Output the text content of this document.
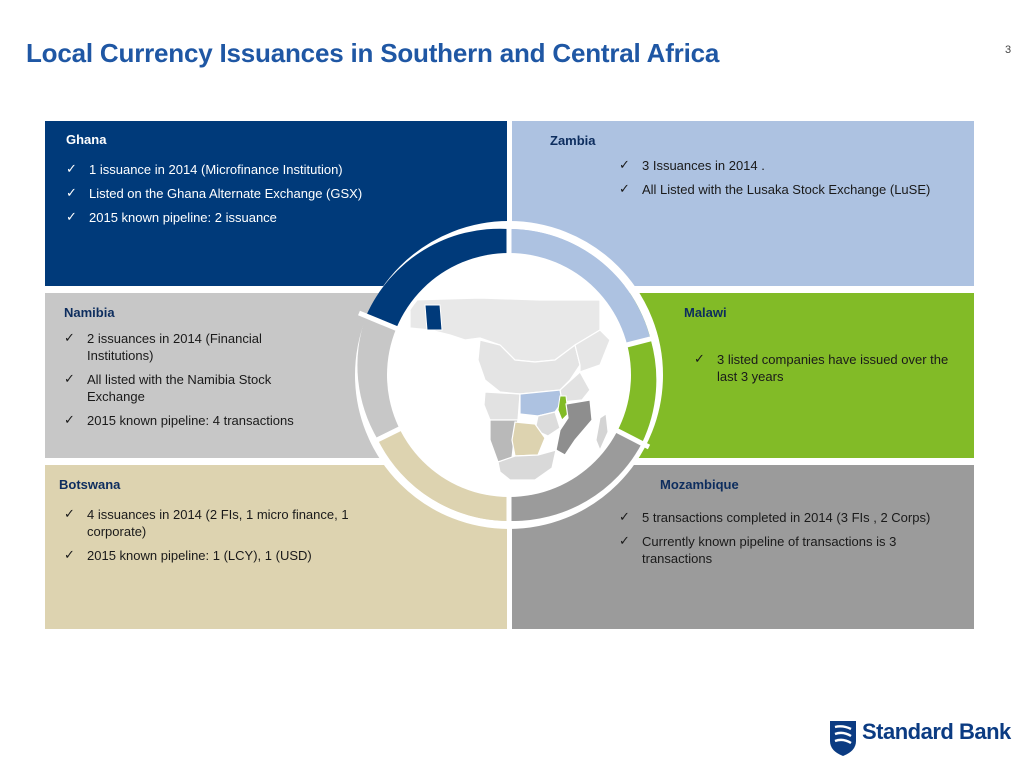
Local Currency Issuances in Southern and Central Africa	3
Ghana
✓ 1 issuance in 2014 (Microfinance Institution)
✓ Listed on the Ghana Alternate Exchange (GSX)
✓ 2015 known pipeline: 2 issuance
Zambia
✓ 3 Issuances in 2014 .
✓ All Listed with the Lusaka Stock Exchange (LuSE)
Namibia
✓ 2 issuances in 2014 (Financial Institutions)
✓ All listed with the Namibia Stock Exchange
✓ 2015 known pipeline: 4 transactions
Malawi
✓ 3 listed companies have issued over the last 3 years
Botswana
✓ 4 issuances in 2014 (2 FIs, 1 micro finance, 1 corporate)
✓ 2015 known pipeline: 1 (LCY), 1 (USD)
Mozambique
✓ 5 transactions completed in 2014 (3 FIs , 2 Corps)
✓ Currently known pipeline of transactions is 3 transactions
Standard Bank
